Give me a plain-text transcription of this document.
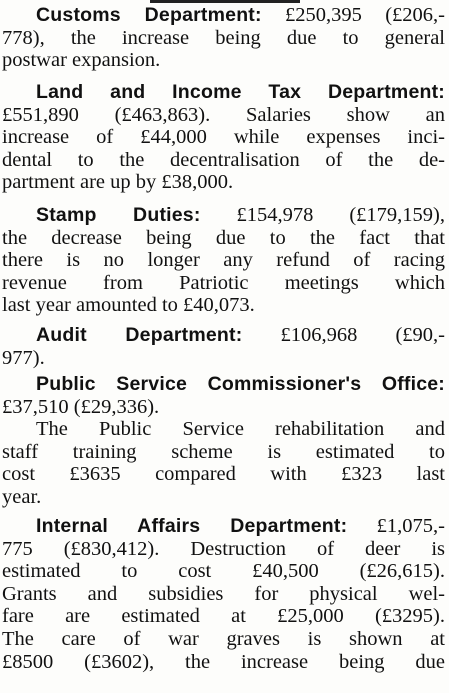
Customs Department: £250,395 (£206,-
778), the increase being due to general
postwar expansion.
Land and Income Tax Department:
£551,890 (£463,863). Salaries show an
increase of £44,000 while expenses inci-
dental to the decentralisation of the de-
partment are up by £38,000.
Stamp Duties: £154,978 (£179,159),
the decrease being due to the fact that
there is no longer any refund of racing
revenue from Patriotic meetings which
last year amounted to £40,073.
Audit Department: £106,968 (£90,-
977).
Public Service Commissioner's Office:
£37,510 (£29,336).
The Public Service rehabilitation and
staff training scheme is estimated to
cost £3635 compared with £323 last
year.
Internal Affairs Department: £1,075,-
775 (£830,412). Destruction of deer is
estimated to cost £40,500 (£26,615).
Grants and subsidies for physical wel-
fare are estimated at £25,000 (£3295).
The care of war graves is shown at
£8500 (£3602), the increase being due
